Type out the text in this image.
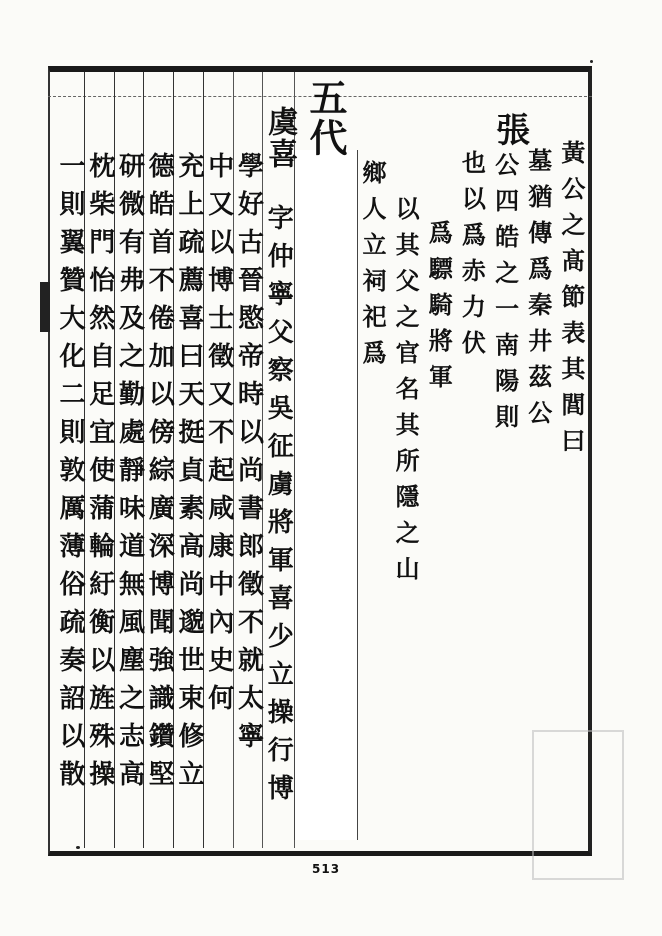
五代
黃公之髙節表其閭曰
墓猶傳爲秦井茲公
公四皓之一南陽則
也以爲赤力伏
張
爲驃騎將軍
以其父之官名其所隱之山
鄉人立祠祀爲
虞喜
字仲寧父察吳征虜將軍喜少立操行博
學好古晉愍帝時以尚書郎徵不就太寧
中又以博士徵又不起咸康中內史何
513
充上疏薦喜曰天挺貞素高尚邈世束修立
德皓首不倦加以傍綜廣深博聞強識鑽堅
研微有弗及之勤處靜味道無風塵之志高
枕柴門怡然自足宜使蒲輪紆衡以旌殊操
一則翼贊大化二則敦厲薄俗疏奏詔以散
